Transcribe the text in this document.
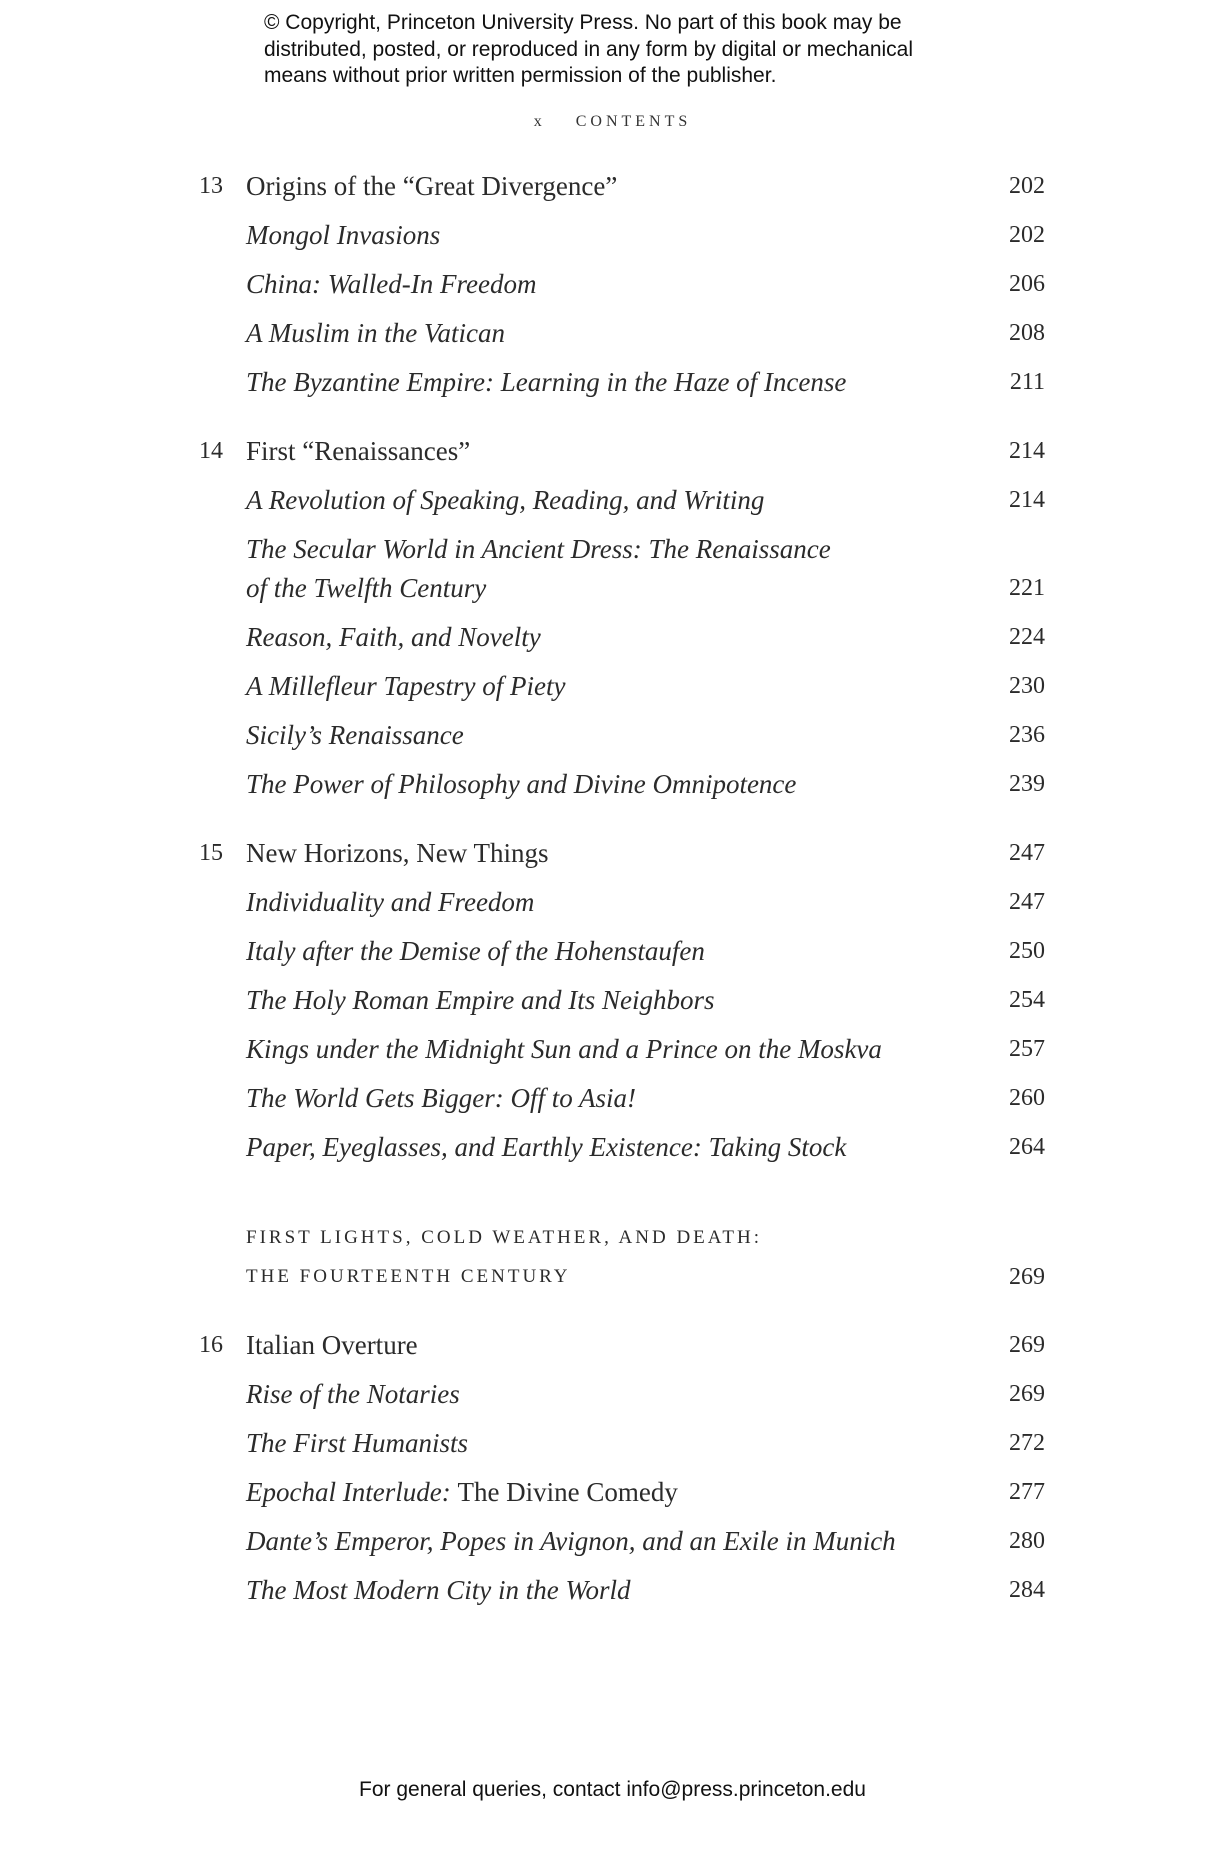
© Copyright, Princeton University Press. No part of this book may be
distributed, posted, or reproduced in any form by digital or mechanical
means without prior written permission of the publisher.
x CONTENTS
13 Origins of the “Great Divergence”	202
Mongol Invasions	202
China: Walled-In Freedom	206
A Muslim in the Vatican	208
The Byzantine Empire: Learning in the Haze of Incense	211
14 First “Renaissances”	214
A Revolution of Speaking, Reading, and Writing	214
The Secular World in Ancient Dress: The Renaissance
of the Twelfth Century	221
Reason, Faith, and Novelty	224
A Millefleur Tapestry of Piety	230
Sicily’s Renaissance	236
The Power of Philosophy and Divine Omnipotence	239
15 New Horizons, New Things	247
Individuality and Freedom	247
Italy after the Demise of the Hohenstaufen	250
The Holy Roman Empire and Its Neighbors	254
Kings under the Midnight Sun and a Prince on the Moskva	257
The World Gets Bigger: Off to Asia!	260
Paper, Eyeglasses, and Earthly Existence: Taking Stock	264
FIRST LIGHTS, COLD WEATHER, AND DEATH:
THE FOURTEENTH CENTURY	269
16 Italian Overture	269
Rise of the Notaries	269
The First Humanists	272
Epochal Interlude: The Divine Comedy	277
Dante’s Emperor, Popes in Avignon, and an Exile in Munich	280
The Most Modern City in the World	284
For general queries, contact info@press.princeton.edu
